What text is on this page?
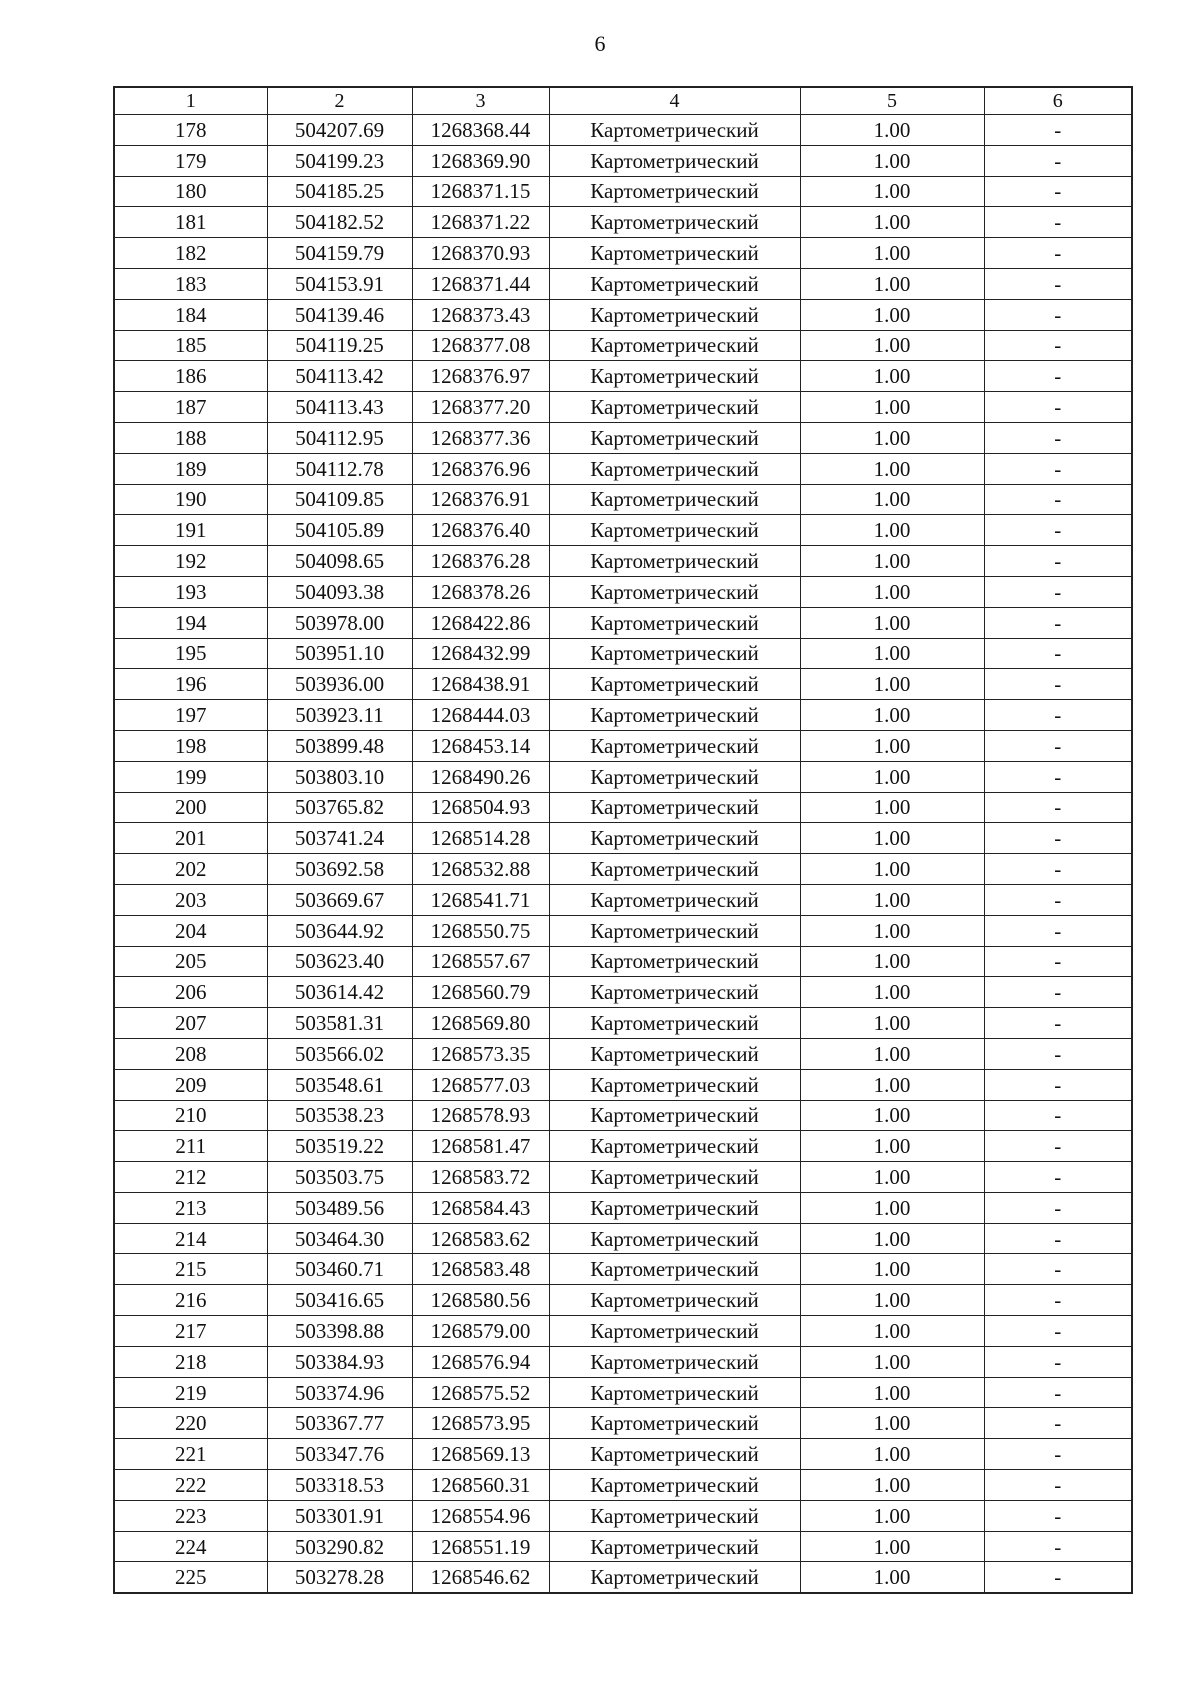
6
1	2	3	4	5	6
178	504207.69	1268368.44	Картометрический	1.00	-
179	504199.23	1268369.90	Картометрический	1.00	-
180	504185.25	1268371.15	Картометрический	1.00	-
181	504182.52	1268371.22	Картометрический	1.00	-
182	504159.79	1268370.93	Картометрический	1.00	-
183	504153.91	1268371.44	Картометрический	1.00	-
184	504139.46	1268373.43	Картометрический	1.00	-
185	504119.25	1268377.08	Картометрический	1.00	-
186	504113.42	1268376.97	Картометрический	1.00	-
187	504113.43	1268377.20	Картометрический	1.00	-
188	504112.95	1268377.36	Картометрический	1.00	-
189	504112.78	1268376.96	Картометрический	1.00	-
190	504109.85	1268376.91	Картометрический	1.00	-
191	504105.89	1268376.40	Картометрический	1.00	-
192	504098.65	1268376.28	Картометрический	1.00	-
193	504093.38	1268378.26	Картометрический	1.00	-
194	503978.00	1268422.86	Картометрический	1.00	-
195	503951.10	1268432.99	Картометрический	1.00	-
196	503936.00	1268438.91	Картометрический	1.00	-
197	503923.11	1268444.03	Картометрический	1.00	-
198	503899.48	1268453.14	Картометрический	1.00	-
199	503803.10	1268490.26	Картометрический	1.00	-
200	503765.82	1268504.93	Картометрический	1.00	-
201	503741.24	1268514.28	Картометрический	1.00	-
202	503692.58	1268532.88	Картометрический	1.00	-
203	503669.67	1268541.71	Картометрический	1.00	-
204	503644.92	1268550.75	Картометрический	1.00	-
205	503623.40	1268557.67	Картометрический	1.00	-
206	503614.42	1268560.79	Картометрический	1.00	-
207	503581.31	1268569.80	Картометрический	1.00	-
208	503566.02	1268573.35	Картометрический	1.00	-
209	503548.61	1268577.03	Картометрический	1.00	-
210	503538.23	1268578.93	Картометрический	1.00	-
211	503519.22	1268581.47	Картометрический	1.00	-
212	503503.75	1268583.72	Картометрический	1.00	-
213	503489.56	1268584.43	Картометрический	1.00	-
214	503464.30	1268583.62	Картометрический	1.00	-
215	503460.71	1268583.48	Картометрический	1.00	-
216	503416.65	1268580.56	Картометрический	1.00	-
217	503398.88	1268579.00	Картометрический	1.00	-
218	503384.93	1268576.94	Картометрический	1.00	-
219	503374.96	1268575.52	Картометрический	1.00	-
220	503367.77	1268573.95	Картометрический	1.00	-
221	503347.76	1268569.13	Картометрический	1.00	-
222	503318.53	1268560.31	Картометрический	1.00	-
223	503301.91	1268554.96	Картометрический	1.00	-
224	503290.82	1268551.19	Картометрический	1.00	-
225	503278.28	1268546.62	Картометрический	1.00	-
